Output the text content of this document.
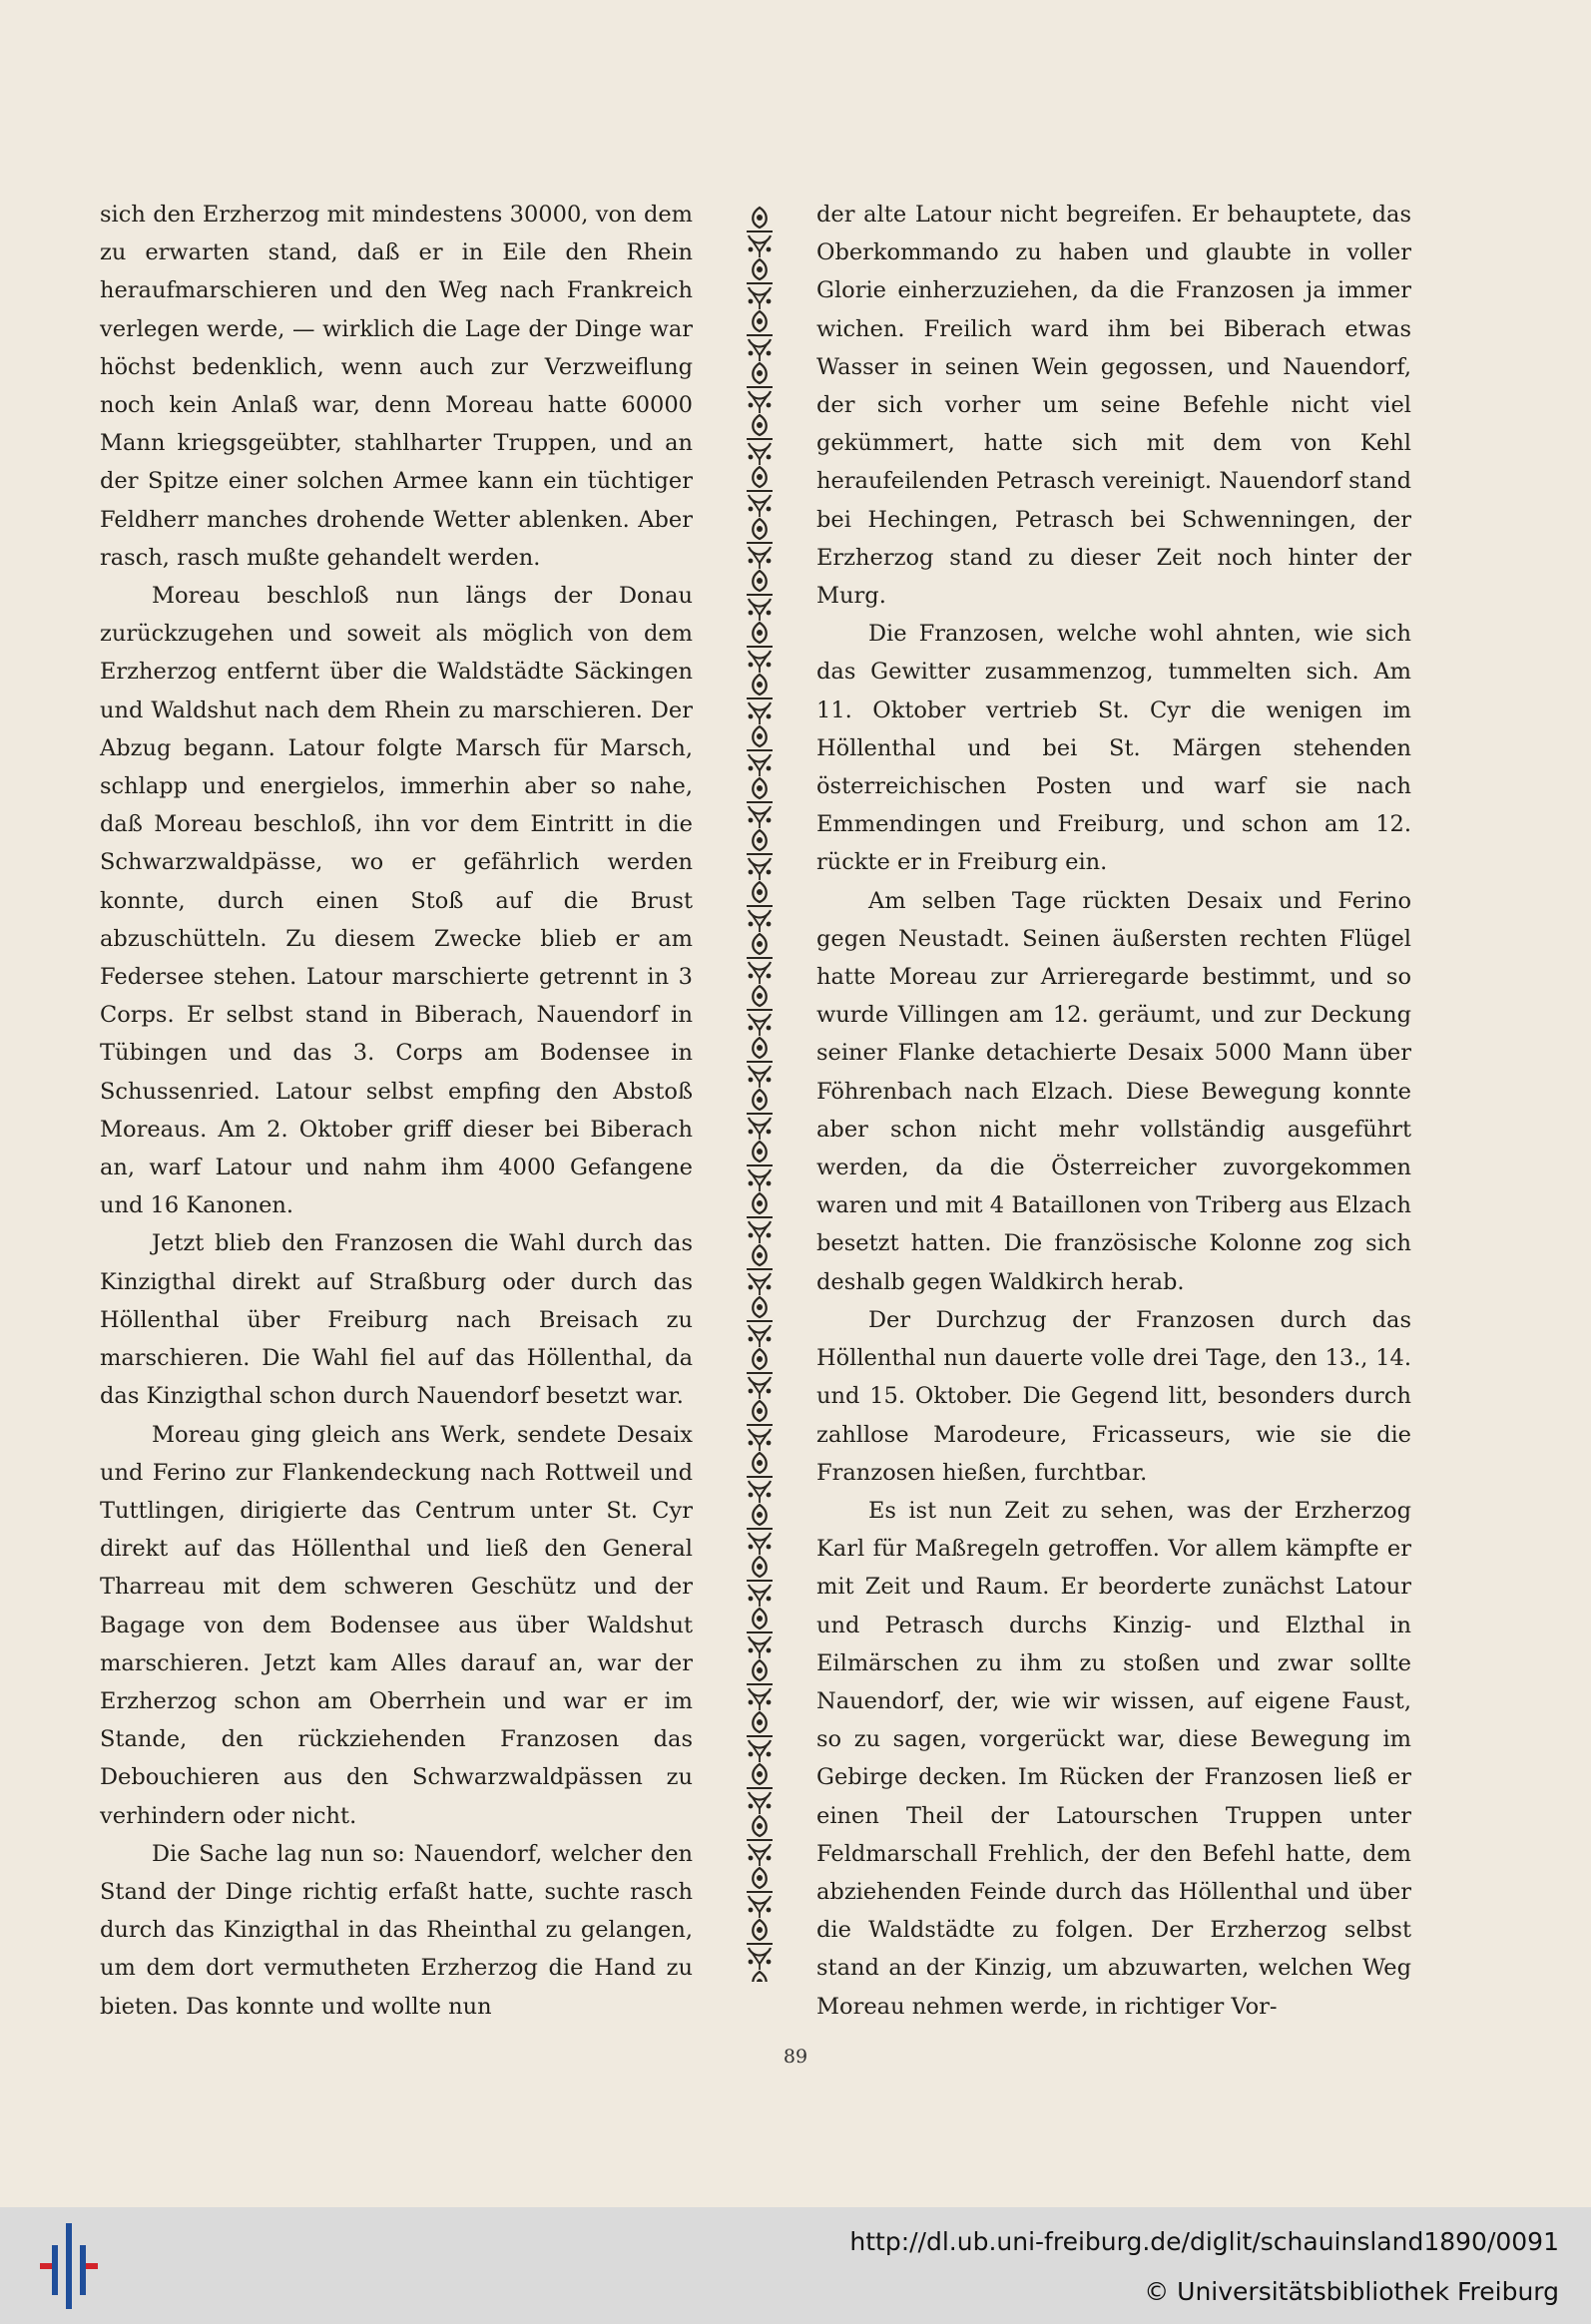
sich den Erzherzog mit mindestens 30000, von dem zu erwarten stand, daß er in Eile den Rhein heraufmarschieren und den Weg nach Frankreich verlegen werde, — wirklich die Lage der Dinge war höchst bedenklich, wenn auch zur Verzweiflung noch kein Anlaß war, denn Moreau hatte 60000 Mann kriegsgeübter, stahlharter Truppen, und an der Spitze einer solchen Armee kann ein tüchtiger Feldherr manches drohende Wetter ablenken. Aber rasch, rasch mußte gehandelt werden.

Moreau beschloß nun längs der Donau zurückzugehen und soweit als möglich von dem Erzherzog entfernt über die Waldstädte Säckingen und Waldshut nach dem Rhein zu marschieren. Der Abzug begann. Latour folgte Marsch für Marsch, schlapp und energielos, immerhin aber so nahe, daß Moreau beschloß, ihn vor dem Eintritt in die Schwarzwaldpässe, wo er gefährlich werden konnte, durch einen Stoß auf die Brust abzuschütteln. Zu diesem Zwecke blieb er am Federsee stehen. Latour marschierte getrennt in 3 Corps. Er selbst stand in Biberach, Nauendorf in Tübingen und das 3. Corps am Bodensee in Schussenried. Latour selbst empfing den Abstoß Moreaus. Am 2. Oktober griff dieser bei Biberach an, warf Latour und nahm ihm 4000 Gefangene und 16 Kanonen.

Jetzt blieb den Franzosen die Wahl durch das Kinzigthal direkt auf Straßburg oder durch das Höllenthal über Freiburg nach Breisach zu marschieren. Die Wahl fiel auf das Höllenthal, da das Kinzigthal schon durch Nauendorf besetzt war.

Moreau ging gleich ans Werk, sendete Desaix und Ferino zur Flankendeckung nach Rottweil und Tuttlingen, dirigierte das Centrum unter St. Cyr direkt auf das Höllenthal und ließ den General Tharreau mit dem schweren Geschütz und der Bagage von dem Bodensee aus über Waldshut marschieren. Jetzt kam Alles darauf an, war der Erzherzog schon am Oberrhein und war er im Stande, den rückziehenden Franzosen das Debouchieren aus den Schwarzwaldpässen zu verhindern oder nicht.

Die Sache lag nun so: Nauendorf, welcher den Stand der Dinge richtig erfaßt hatte, suchte rasch durch das Kinzigthal in das Rheinthal zu gelangen, um dem dort vermutheten Erzherzog die Hand zu bieten. Das konnte und wollte nun

der alte Latour nicht begreifen. Er behauptete, das Oberkommando zu haben und glaubte in voller Glorie einherzuziehen, da die Franzosen ja immer wichen. Freilich ward ihm bei Biberach etwas Wasser in seinen Wein gegossen, und Nauendorf, der sich vorher um seine Befehle nicht viel gekümmert, hatte sich mit dem von Kehl heraufeilenden Petrasch vereinigt. Nauendorf stand bei Hechingen, Petrasch bei Schwenningen, der Erzherzog stand zu dieser Zeit noch hinter der Murg.

Die Franzosen, welche wohl ahnten, wie sich das Gewitter zusammenzog, tummelten sich. Am 11. Oktober vertrieb St. Cyr die wenigen im Höllenthal und bei St. Märgen stehenden österreichischen Posten und warf sie nach Emmendingen und Freiburg, und schon am 12. rückte er in Freiburg ein.

Am selben Tage rückten Desaix und Ferino gegen Neustadt. Seinen äußersten rechten Flügel hatte Moreau zur Arrieregarde bestimmt, und so wurde Villingen am 12. geräumt, und zur Deckung seiner Flanke detachierte Desaix 5000 Mann über Föhrenbach nach Elzach. Diese Bewegung konnte aber schon nicht mehr vollständig ausgeführt werden, da die Österreicher zuvorgekommen waren und mit 4 Bataillonen von Triberg aus Elzach besetzt hatten. Die französische Kolonne zog sich deshalb gegen Waldkirch herab.

Der Durchzug der Franzosen durch das Höllenthal nun dauerte volle drei Tage, den 13., 14. und 15. Oktober. Die Gegend litt, besonders durch zahllose Marodeure, Fricasseurs, wie sie die Franzosen hießen, furchtbar.

Es ist nun Zeit zu sehen, was der Erzherzog Karl für Maßregeln getroffen. Vor allem kämpfte er mit Zeit und Raum. Er beorderte zunächst Latour und Petrasch durchs Kinzig- und Elzthal in Eilmärschen zu ihm zu stoßen und zwar sollte Nauendorf, der, wie wir wissen, auf eigene Faust, so zu sagen, vorgerückt war, diese Bewegung im Gebirge decken. Im Rücken der Franzosen ließ er einen Theil der Latourschen Truppen unter Feldmarschall Frehlich, der den Befehl hatte, dem abziehenden Feinde durch das Höllenthal und über die Waldstädte zu folgen. Der Erzherzog selbst stand an der Kinzig, um abzuwarten, welchen Weg Moreau nehmen werde, in richtiger Vor-

89
http://dl.ub.uni-freiburg.de/diglit/schauinsland1890/0091
© Universitätsbibliothek Freiburg
